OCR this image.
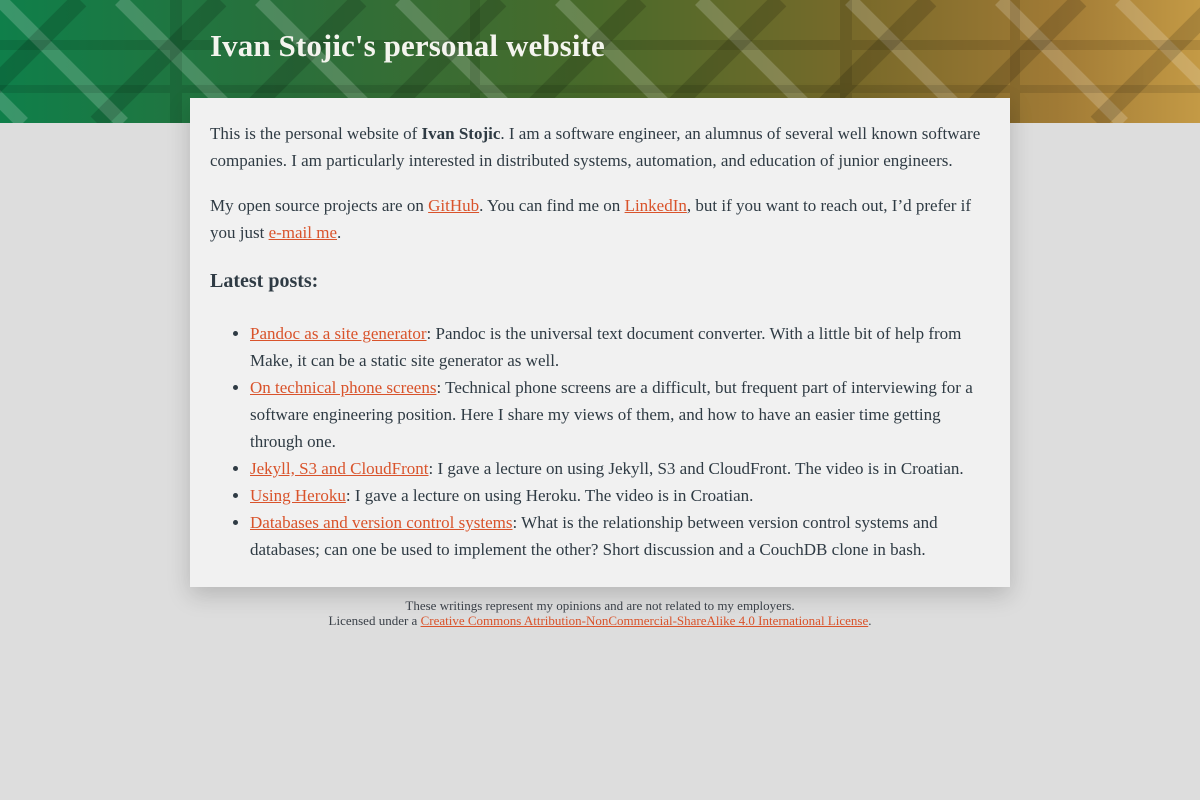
Ivan Stojic's personal website

This is the personal website of Ivan Stojic. I am a software engineer, an alumnus of several well known software companies. I am particularly interested in distributed systems, automation, and education of junior engineers.

My open source projects are on GitHub. You can find me on LinkedIn, but if you want to reach out, I’d prefer if you just e-mail me.

Latest posts:
• Pandoc as a site generator: Pandoc is the universal text document converter. With a little bit of help from Make, it can be a static site generator as well.
• On technical phone screens: Technical phone screens are a difficult, but frequent part of interviewing for a software engineering position. Here I share my views of them, and how to have an easier time getting through one.
• Jekyll, S3 and CloudFront: I gave a lecture on using Jekyll, S3 and CloudFront. The video is in Croatian.
• Using Heroku: I gave a lecture on using Heroku. The video is in Croatian.
• Databases and version control systems: What is the relationship between version control systems and databases; can one be used to implement the other? Short discussion and a CouchDB clone in bash.
These writings represent my opinions and are not related to my employers.
Licensed under a Creative Commons Attribution-NonCommercial-ShareAlike 4.0 International License.
